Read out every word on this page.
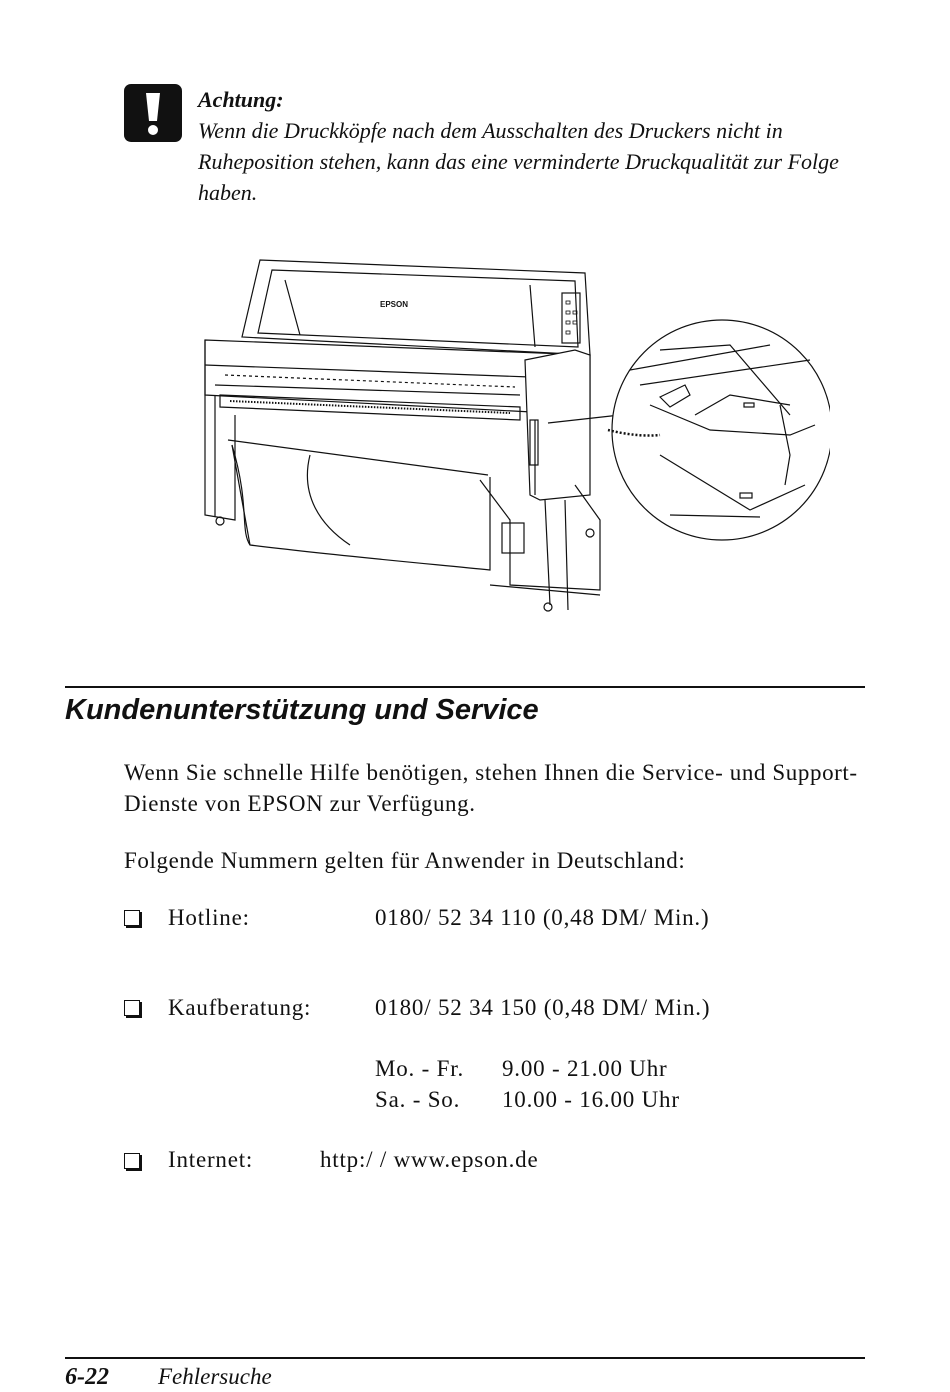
Achtung:
Wenn die Druckköpfe nach dem Ausschalten des Druckers nicht in Ruheposition stehen, kann das eine verminderte Druckqualität zur Folge haben.
EPSON
Kundenunterstützung und Service

Wenn Sie schnelle Hilfe benötigen, stehen Ihnen die Service- und Support-Dienste von EPSON zur Verfügung.

Folgende Nummern gelten für Anwender in Deutschland:

Hotline:	0180/ 52 34 110 (0,48 DM/ Min.)
Kaufberatung:	0180/ 52 34 150 (0,48 DM/ Min.)
Mo. - Fr. 9.00 - 21.00 Uhr
Sa. - So. 10.00 - 16.00 Uhr
Internet:	http:/ / www.epson.de
6-22 Fehlersuche
